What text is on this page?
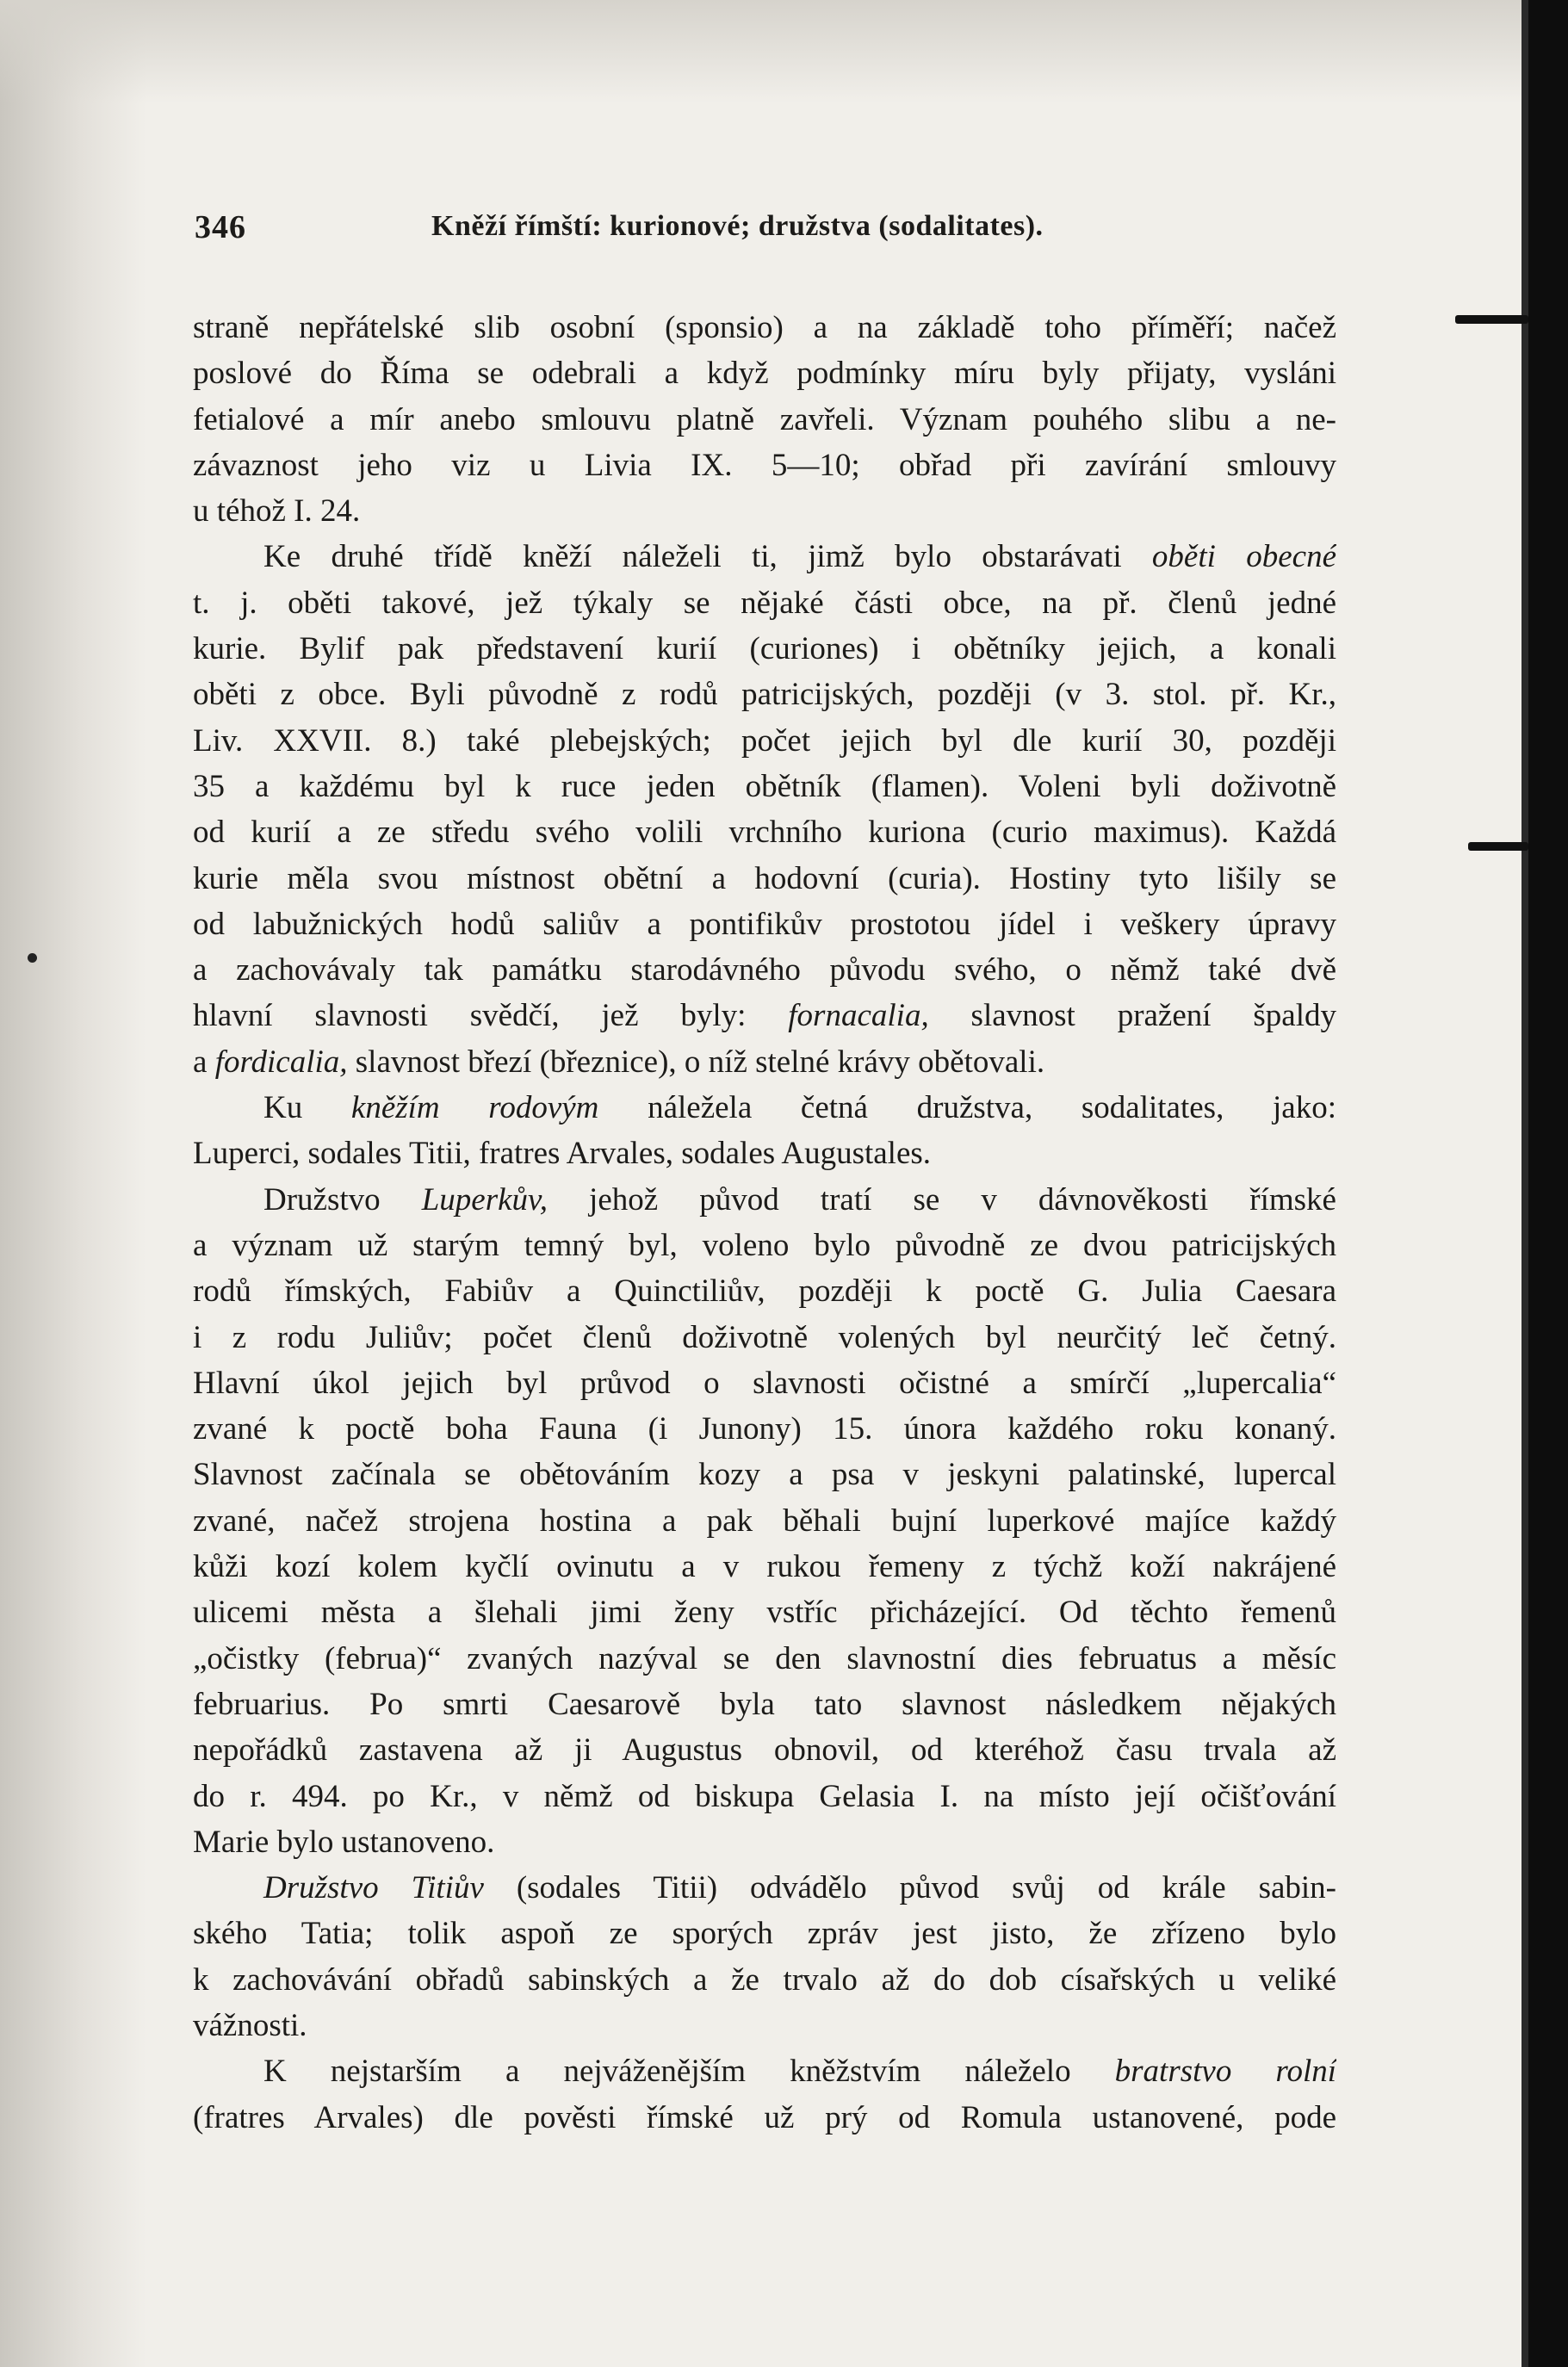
346	Kněží římští: kurionové; družstva (sodalitates).
straně nepřátelské slib osobní (sponsio) a na základě toho příměří; načež
poslové do Říma se odebrali a když podmínky míru byly přijaty, vysláni
fetialové a mír anebo smlouvu platně zavřeli. Význam pouhého slibu a ne-
závaznost jeho viz u Livia IX. 5—10; obřad při zavírání smlouvy
u téhož I. 24.
Ke druhé třídě kněží náleželi ti, jimž bylo obstarávati oběti obecné
t. j. oběti takové, jež týkaly se nějaké části obce, na př. členů jedné
kurie. Bylif pak představení kurií (curiones) i obětníky jejich, a konali
oběti z obce. Byli původně z rodů patricijských, později (v 3. stol. př. Kr.,
Liv. XXVII. 8.) také plebejských; počet jejich byl dle kurií 30, později
35 a každému byl k ruce jeden obětník (flamen). Voleni byli doživotně
od kurií a ze středu svého volili vrchního kuriona (curio maximus). Každá
kurie měla svou místnost obětní a hodovní (curia). Hostiny tyto lišily se
od labužnických hodů saliův a pontifikův prostotou jídel i veškery úpravy
a zachovávaly tak památku starodávného původu svého, o němž také dvě
hlavní slavnosti svědčí, jež byly: fornacalia, slavnost pražení špaldy
a fordicalia, slavnost březí (březnice), o níž stelné krávy obětovali.
Ku kněžím rodovým náležela četná družstva, sodalitates, jako:
Luperci, sodales Titii, fratres Arvales, sodales Augustales.
Družstvo Luperkův, jehož původ tratí se v dávnověkosti římské
a význam už starým temný byl, voleno bylo původně ze dvou patricijských
rodů římských, Fabiův a Quinctiliův, později k poctě G. Julia Caesara
i z rodu Juliův; počet členů doživotně volených byl neurčitý leč četný.
Hlavní úkol jejich byl průvod o slavnosti očistné a smírčí „lupercalia“
zvané k poctě boha Fauna (i Junony) 15. února každého roku konaný.
Slavnost začínala se obětováním kozy a psa v jeskyni palatinské, lupercal
zvané, načež strojena hostina a pak běhali bujní luperkové majíce každý
kůži kozí kolem kyčlí ovinutu a v rukou řemeny z týchž koží nakrájené
ulicemi města a šlehali jimi ženy vstříc přicházející. Od těchto řemenů
„očistky (februa)“ zvaných nazýval se den slavnostní dies februatus a měsíc
februarius. Po smrti Caesarově byla tato slavnost následkem nějakých
nepořádků zastavena až ji Augustus obnovil, od kteréhož času trvala až
do r. 494. po Kr., v němž od biskupa Gelasia I. na místo její očišťování
Marie bylo ustanoveno.
Družstvo Titiův (sodales Titii) odvádělo původ svůj od krále sabin-
ského Tatia; tolik aspoň ze sporých zpráv jest jisto, že zřízeno bylo
k zachovávání obřadů sabinských a že trvalo až do dob císařských u veliké
vážnosti.
K nejstarším a nejváženějším kněžstvím náleželo bratrstvo rolní
(fratres Arvales) dle pověsti římské už prý od Romula ustanovené, pode
